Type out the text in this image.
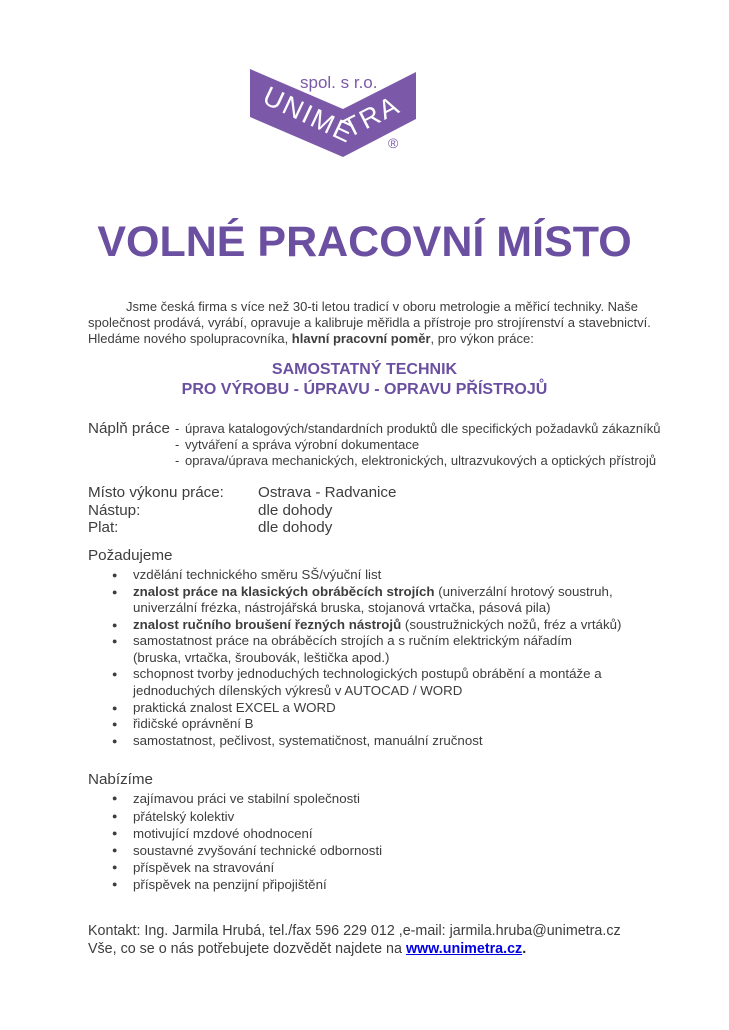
spol. s r.o.
UNIMETRA
®
VOLNÉ PRACOVNÍ MÍSTO
Jsme česká firma s více než 30-ti letou tradicí v oboru metrologie a měřicí techniky. Naše
společnost prodává, vyrábí, opravuje a kalibruje měřidla a přístroje pro strojírenství a stavebnictví.
Hledáme nového spolupracovníka, hlavní pracovní poměr, pro výkon práce:
SAMOSTATNÝ TECHNIK
PRO VÝROBU - ÚPRAVU - OPRAVU PŘÍSTROJŮ
Náplň práce - úprava katalogových/standardních produktů dle specifických požadavků zákazníků
- vytváření a správa výrobní dokumentace
- oprava/úprava mechanických, elektronických, ultrazvukových a optických přístrojů
Místo výkonu práce:	Ostrava - Radvanice
Nástup:	dle dohody
Plat:	dle dohody
Požadujeme
● vzdělání technického směru SŠ/výuční list
● znalost práce na klasických obráběcích strojích (univerzální hrotový soustruh,
univerzální frézka, nástrojářská bruska, stojanová vrtačka, pásová pila)
● znalost ručního broušení řezných nástrojů (soustružnických nožů, fréz a vrtáků)
● samostatnost práce na obráběcích strojích a s ručním elektrickým nářadím
(bruska, vrtačka, šroubovák, leštička apod.)
● schopnost tvorby jednoduchých technologických postupů obrábění a montáže a
jednoduchých dílenských výkresů v AUTOCAD / WORD
● praktická znalost EXCEL a WORD
● řidičské oprávnění B
● samostatnost, pečlivost, systematičnost, manuální zručnost
Nabízíme
● zajímavou práci ve stabilní společnosti
● přátelský kolektiv
● motivující mzdové ohodnocení
● soustavné zvyšování technické odbornosti
● příspěvek na stravování
● příspěvek na penzijní připojištění
Kontakt: Ing. Jarmila Hrubá, tel./fax 596 229 012 ,e-mail: jarmila.hruba@unimetra.cz
Vše, co se o nás potřebujete dozvědět najdete na www.unimetra.cz.
